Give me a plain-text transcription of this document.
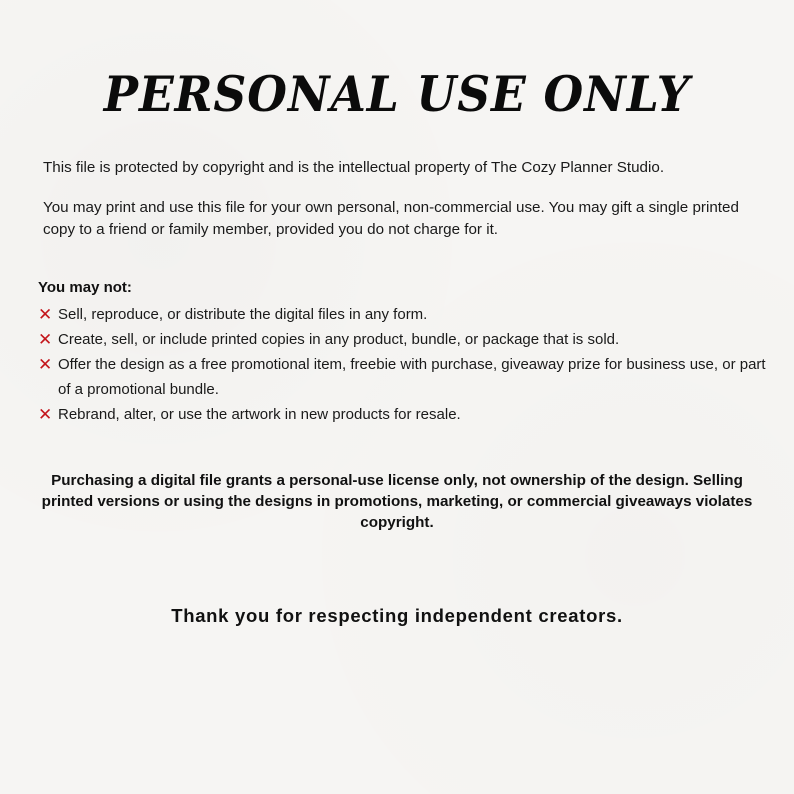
PERSONAL USE ONLY
This file is protected by copyright and is the intellectual property of The Cozy Planner Studio.
You may print and use this file for your own personal, non-commercial use. You may gift a single printed copy to a friend or family member, provided you do not charge for it.
You may not:
✕ Sell, reproduce, or distribute the digital files in any form.
✕ Create, sell, or include printed copies in any product, bundle, or package that is sold.
✕ Offer the design as a free promotional item, freebie with purchase, giveaway prize for business use, or part of a promotional bundle.
✕ Rebrand, alter, or use the artwork in new products for resale.
Purchasing a digital file grants a personal-use license only, not ownership of the design. Selling printed versions or using the designs in promotions, marketing, or commercial giveaways violates copyright.
Thank you for respecting independent creators.
